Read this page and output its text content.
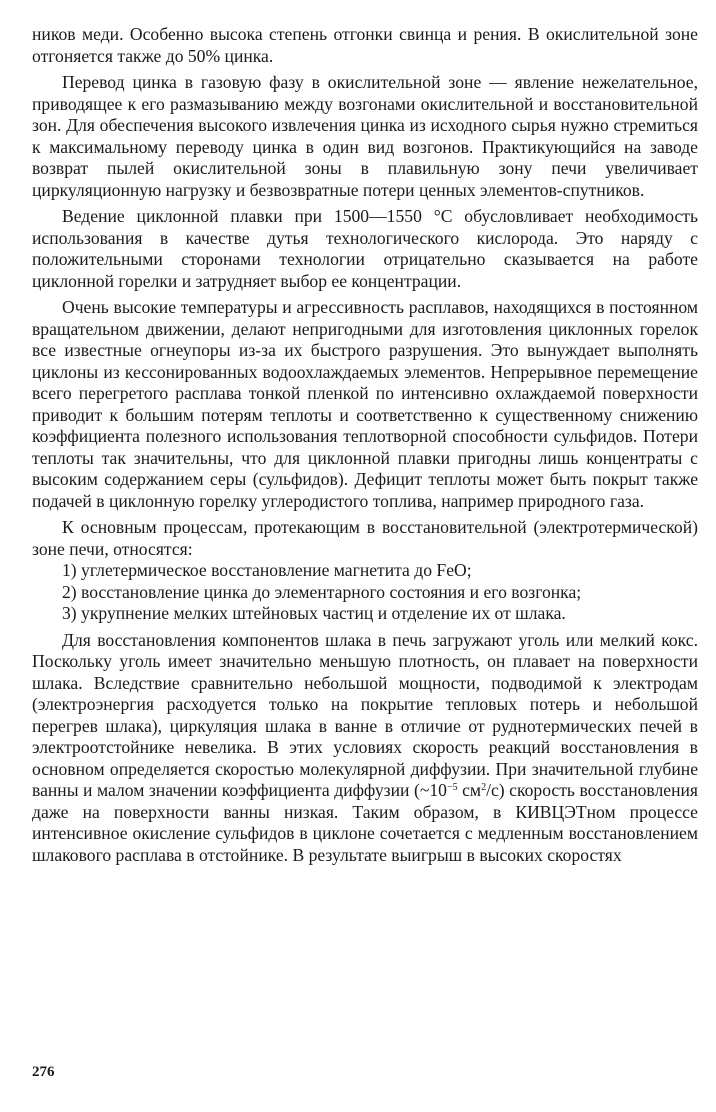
ников меди. Особенно высока степень отгонки свинца и рения. В окислительной зоне отгоняется также до 50% цинка.

Перевод цинка в газовую фазу в окислительной зоне — явление нежелательное, приводящее к его размазыванию между возгонами окислительной и восстановительной зон. Для обеспечения высокого извлечения цинка из исходного сырья нужно стремиться к максимальному переводу цинка в один вид возгонов. Практикующийся на заводе возврат пылей окислительной зоны в плавильную зону печи увеличивает циркуляционную нагрузку и безвозвратные потери ценных элементов-спутников.

Ведение циклонной плавки при 1500—1550 °С обусловливает необходимость использования в качестве дутья технологического кислорода. Это наряду с положительными сторонами технологии отрицательно сказывается на работе циклонной горелки и затрудняет выбор ее концентрации.

Очень высокие температуры и агрессивность расплавов, находящихся в постоянном вращательном движении, делают непригодными для изготовления циклонных горелок все известные огнеупоры из-за их быстрого разрушения. Это вынуждает выполнять циклоны из кессонированных водоохлаждаемых элементов. Непрерывное перемещение всего перегретого расплава тонкой пленкой по интенсивно охлаждаемой поверхности приводит к большим потерям теплоты и соответственно к существенному снижению коэффициента полезного использования теплотворной способности сульфидов. Потери теплоты так значительны, что для циклонной плавки пригодны лишь концентраты с высоким содержанием серы (сульфидов). Дефицит теплоты может быть покрыт также подачей в циклонную горелку углеродистого топлива, например природного газа.

К основным процессам, протекающим в восстановительной (электротермической) зоне печи, относятся:

1) углетермическое восстановление магнетита до FeO;

2) восстановление цинка до элементарного состояния и его возгонка;

3) укрупнение мелких штейновых частиц и отделение их от шлака.

Для восстановления компонентов шлака в печь загружают уголь или мелкий кокс. Поскольку уголь имеет значительно меньшую плотность, он плавает на поверхности шлака. Вследствие сравнительно небольшой мощности, подводимой к электродам (электроэнергия расходуется только на покрытие тепловых потерь и небольшой перегрев шлака), циркуляция шлака в ванне в отличие от руднотермических печей в электроотстойнике невелика. В этих условиях скорость реакций восстановления в основном определяется скоростью молекулярной диффузии. При значительной глубине ванны и малом значении коэффициента диффузии ($\sim 10^{-5}$ $см^2/с$) скорость восстановления даже на поверхности ванны низкая. Таким образом, в КИВЦЭТном процессе интенсивное окисление сульфидов в циклоне сочетается с медленным восстановлением шлакового расплава в отстойнике. В результате выигрыш в высоких скоростях

276
